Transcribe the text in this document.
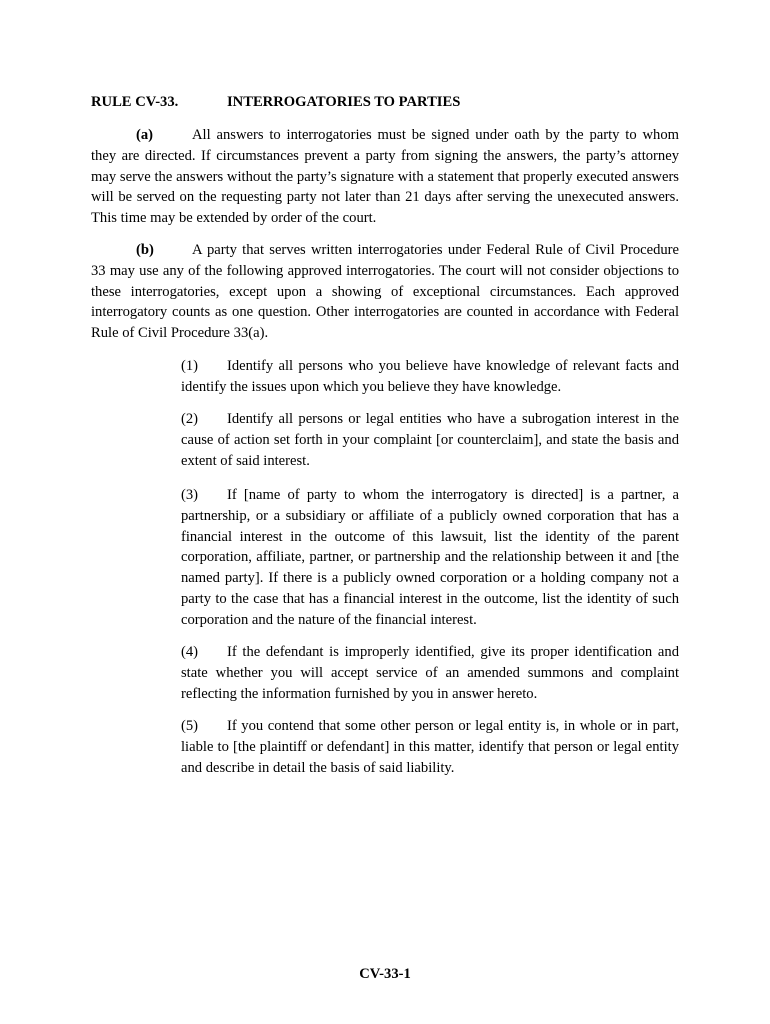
RULE CV-33.	INTERROGATORIES TO PARTIES

(a)	All answers to interrogatories must be signed under oath by the party to whom they are directed. If circumstances prevent a party from signing the answers, the party’s attorney may serve the answers without the party’s signature with a statement that properly executed answers will be served on the requesting party not later than 21 days after serving the unexecuted answers. This time may be extended by order of the court.

(b)	A party that serves written interrogatories under Federal Rule of Civil Procedure 33 may use any of the following approved interrogatories. The court will not consider objections to these interrogatories, except upon a showing of exceptional circumstances. Each approved interrogatory counts as one question. Other interrogatories are counted in accordance with Federal Rule of Civil Procedure 33(a).

(1) Identify all persons who you believe have knowledge of relevant facts and identify the issues upon which you believe they have knowledge.

(2) Identify all persons or legal entities who have a subrogation interest in the cause of action set forth in your complaint [or counterclaim], and state the basis and extent of said interest.

(3) If [name of party to whom the interrogatory is directed] is a partner, a partnership, or a subsidiary or affiliate of a publicly owned corporation that has a financial interest in the outcome of this lawsuit, list the identity of the parent corporation, affiliate, partner, or partnership and the relationship between it and [the named party]. If there is a publicly owned corporation or a holding company not a party to the case that has a financial interest in the outcome, list the identity of such corporation and the nature of the financial interest.

(4) If the defendant is improperly identified, give its proper identification and state whether you will accept service of an amended summons and complaint reflecting the information furnished by you in answer hereto.

(5) If you contend that some other person or legal entity is, in whole or in part, liable to [the plaintiff or defendant] in this matter, identify that person or legal entity and describe in detail the basis of said liability.

CV-33-1
